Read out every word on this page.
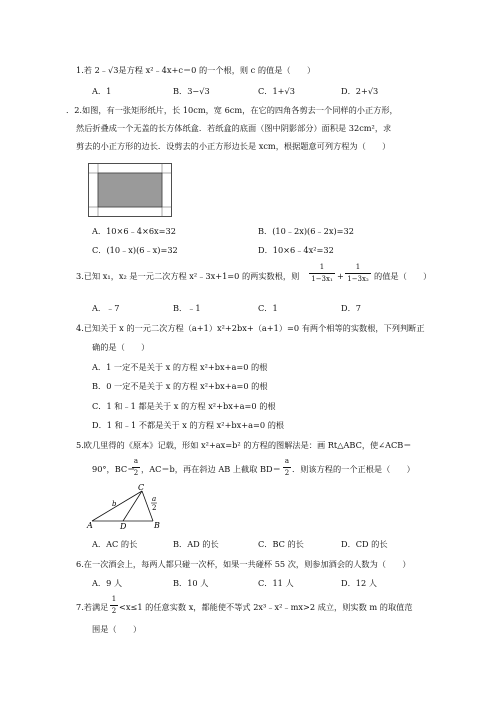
1.若 2﹣√3是方程 x²﹣4x+c＝0 的一个根，则 c 的值是（　　）
A．1	B．3−√3	C．1+√3	D．2+√3
．2.如图，有一张矩形纸片，长 10cm，宽 6cm，在它的四角各剪去一个同样的小正方形，
然后折叠成一个无盖的长方体纸盒．若纸盒的底面（图中阴影部分）面积是 32cm²，求
剪去的小正方形的边长．设剪去的小正方形边长是 xcm，根据题意可列方程为（　　）
A．10×6﹣4×6x=32	B．(10﹣2x)(6﹣2x)=32
C．(10﹣x)(6﹣x)=32	D．10×6﹣4x²=32
3.已知 x₁，x₂ 是一元二次方程 x²﹣3x+1=0 的两实数根，则
1
1−3x₁ +
1
1−3x₂ 的值是（　　）
A．﹣7	B．﹣1	C．1	D．7
4.已知关于 x 的一元二次方程（a+1）x²+2bx+（a+1）=0 有两个相等的实数根，下列判断正
确的是（　　）
A．1 一定不是关于 x 的方程 x²+bx+a=0 的根
B．0 一定不是关于 x 的方程 x²+bx+a=0 的根
C．1 和﹣1 都是关于 x 的方程 x²+bx+a=0 的根
D．1 和﹣1 不都是关于 x 的方程 x²+bx+a=0 的根
5.欧几里得的《原本》记载，形如 x²+ax=b² 的方程的图解法是：画 Rt△ABC，使∠ACB＝
90°，BC＝
a
2 ，AC＝b，再在斜边 AB 上截取 BD＝
a
2 ．则该方程的一个正根是（　　）
A	B
C
D
b
a
2
A．AC 的长	B．AD 的长	C．BC 的长	D．CD 的长
6.在一次酒会上，每两人都只碰一次杯，如果一共碰杯 55 次，则参加酒会的人数为（　　）
A．9 人	B．10 人	C．11 人	D．12 人
7.若满足
1
2 <x≤1 的任意实数 x，都能使不等式 2x³﹣x²﹣mx>2 成立，则实数 m 的取值范
围是（　　）
